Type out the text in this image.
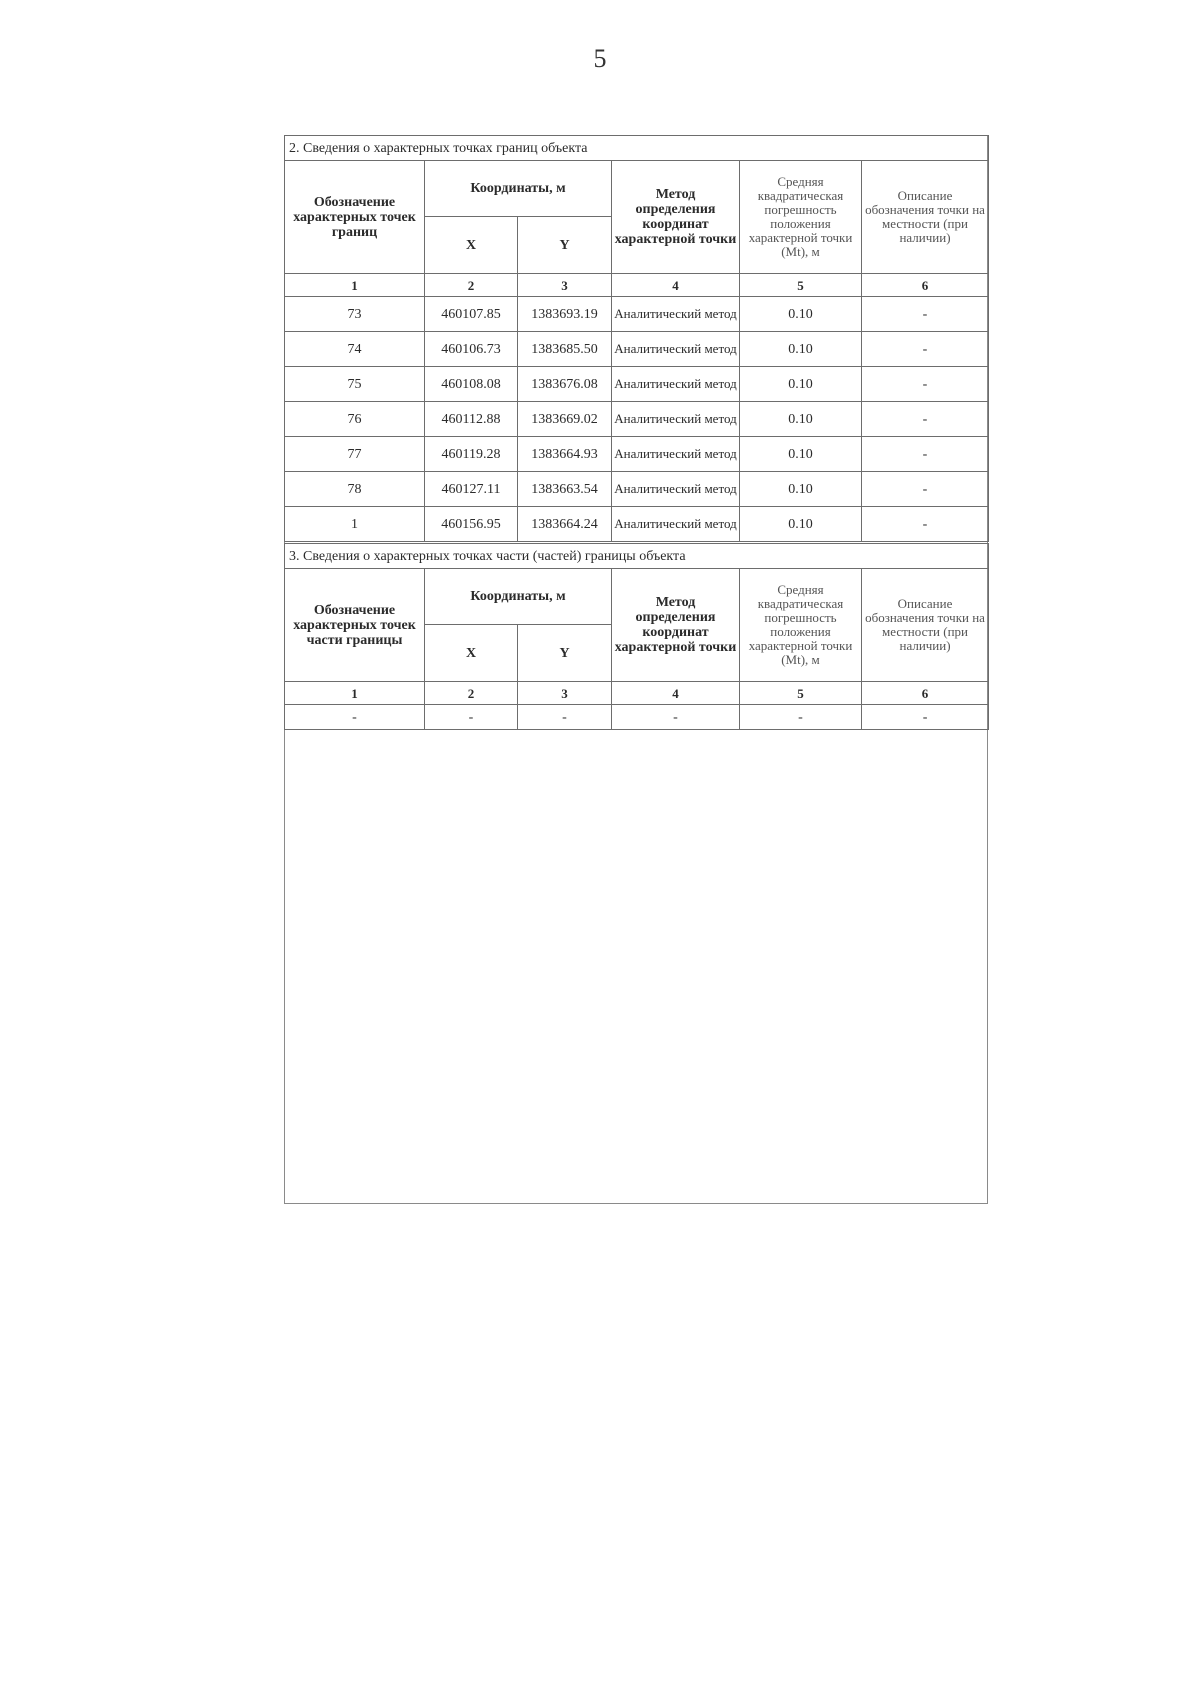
5
2. Сведения о характерных точках границ объекта					
Обозначение характерных точек границ	Координаты, м		Метод определения координат характерной точки	Средняя квадратическая погрешность положения характерной точки (Mt), м	Описание обозначения точки на местности (при наличии)
	X	Y			
1	2	3	4	5	6
73	460107.85	1383693.19	Аналитический метод	0.10	-
74	460106.73	1383685.50	Аналитический метод	0.10	-
75	460108.08	1383676.08	Аналитический метод	0.10	-
76	460112.88	1383669.02	Аналитический метод	0.10	-
77	460119.28	1383664.93	Аналитический метод	0.10	-
78	460127.11	1383663.54	Аналитический метод	0.10	-
1	460156.95	1383664.24	Аналитический метод	0.10	-
3. Сведения о характерных точках части (частей) границы объекта					
Обозначение характерных точек части границы	Координаты, м		Метод определения координат характерной точки	Средняя квадратическая погрешность положения характерной точки (Mt), м	Описание обозначения точки на местности (при наличии)
	X	Y			
1	2	3	4	5	6
-	-	-	-	-	-
